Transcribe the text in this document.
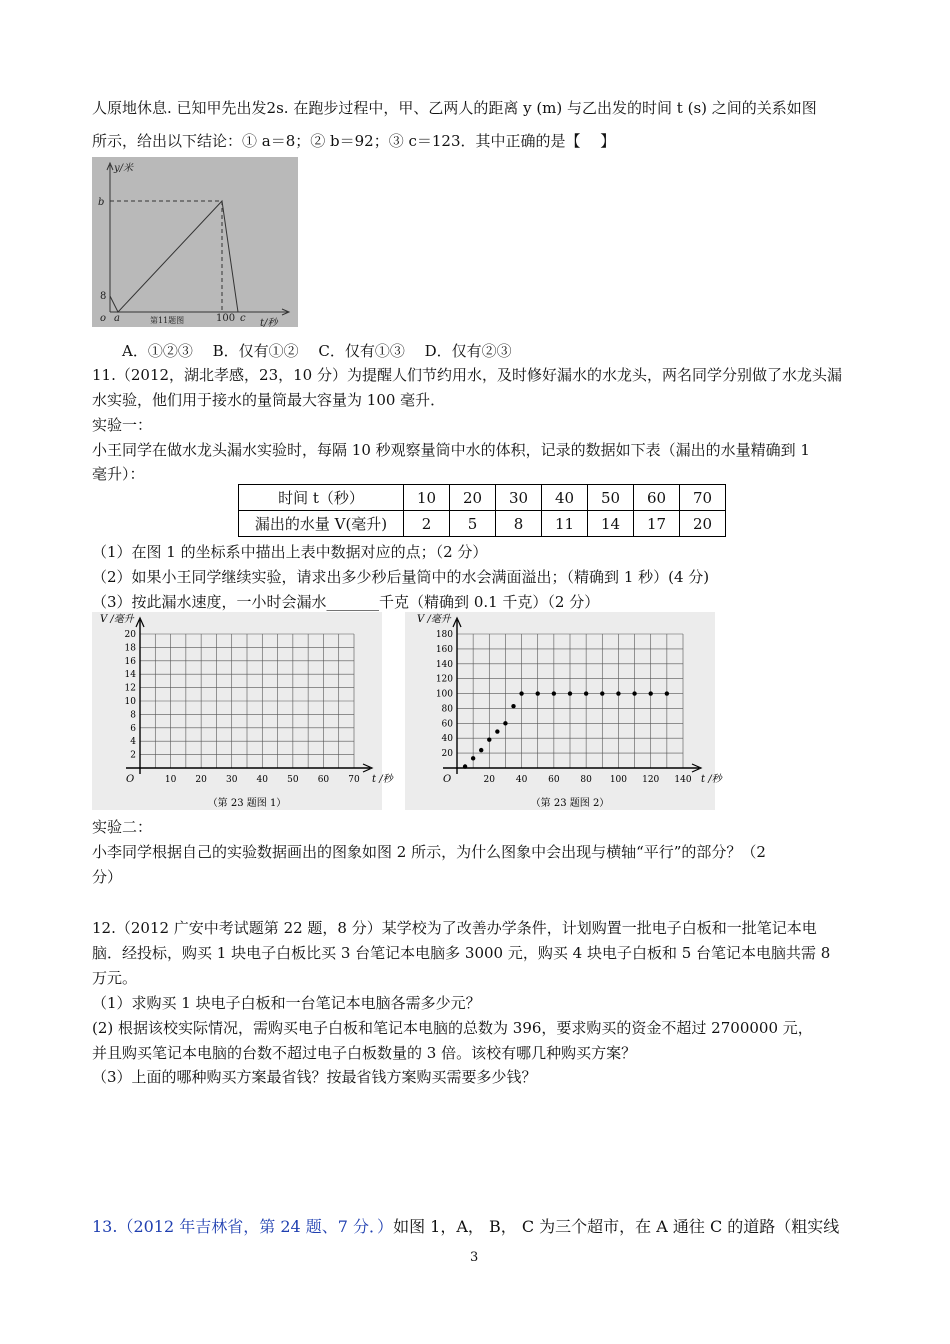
人原地休息. 已知甲先出发2s. 在跑步过程中，甲、乙两人的距离 y (m) 与乙出发的时间 t (s) 之间的关系如图
所示，给出以下结论：① a＝8；② b＝92；③ c＝123．其中正确的是【　 】
y/米
t/秒
b
8
o a	100 c
第11题图
A．①②③　 B．仅有①②　 C．仅有①③　 D．仅有②③
11.（2012，湖北孝感，23，10 分）为提醒人们节约用水，及时修好漏水的水龙头，两名同学分别做了水龙头漏
水实验，他们用于接水的量筒最大容量为 100 毫升．
实验一：
小王同学在做水龙头漏水实验时，每隔 10 秒观察量筒中水的体积，记录的数据如下表（漏出的水量精确到 1
毫升）：
时间 t（秒）	10	20	30	40	50	60	70
漏出的水量 V(毫升)	2	5	8	11	14	17	20
（1）在图 1 的坐标系中描出上表中数据对应的点；（2 分）
（2）如果小王同学继续实验，请求出多少秒后量筒中的水会满面溢出；（精确到 1 秒）(4 分)
（3）按此漏水速度，一小时会漏水_______千克（精确到 0.1 千克）（2 分）
V /毫升
t /秒
O
2
4
6
8
10
12
14
16
18
20
10 20 30 40 50 60 70
（第 23 题图 1）
V /毫升
t /秒
O
20
40
60
80
100
120
140
160
180
20 40 60 80 100 120 140
（第 23 题图 2）
实验二：
小李同学根据自己的实验数据画出的图象如图 2 所示，为什么图象中会出现与横轴“平行”的部分？（2
分）
12.（2012 广安中考试题第 22 题，8 分）某学校为了改善办学条件，计划购置一批电子白板和一批笔记本电
脑．经投标，购买 1 块电子白板比买 3 台笔记本电脑多 3000 元，购买 4 块电子白板和 5 台笔记本电脑共需 8
万元。
（1）求购买 1 块电子白板和一台笔记本电脑各需多少元？
(2) 根据该校实际情况，需购买电子白板和笔记本电脑的总数为 396，要求购买的资金不超过 2700000 元，
并且购买笔记本电脑的台数不超过电子白板数量的 3 倍。该校有哪几种购买方案？
（3）上面的哪种购买方案最省钱？按最省钱方案购买需要多少钱？
13.（2012 年吉林省，第 24 题、7 分．）如图 1，A， B， C 为三个超市，在 A 通往 C 的道路（粗实线
3
